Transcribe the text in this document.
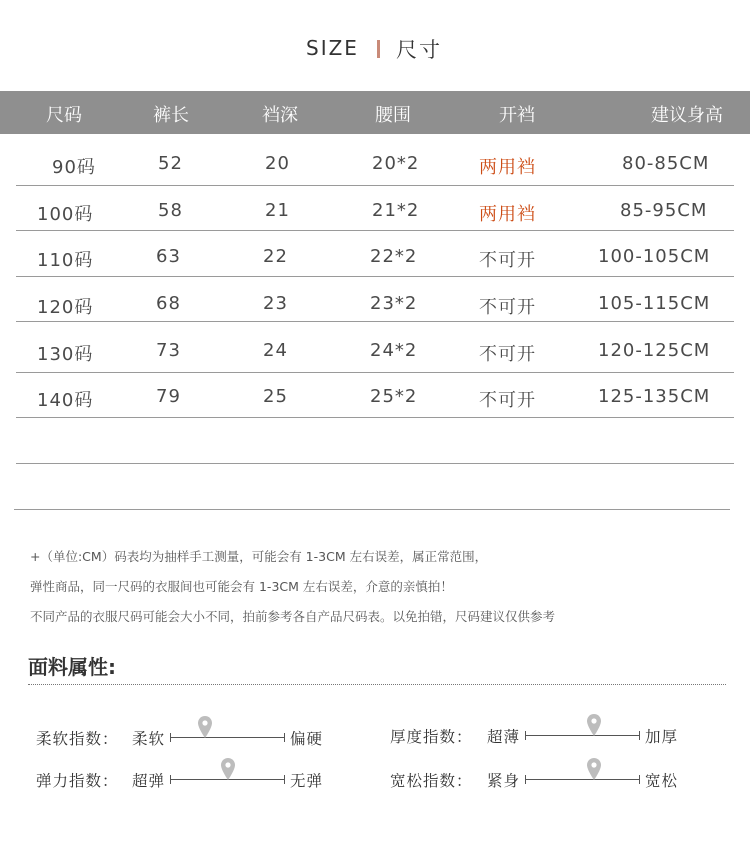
SIZE 尺寸
尺码	裤长	裆深	腰围	开裆	建议身高
90码	52	20	20*2	两用裆	80-85CM
100码	58	21	21*2	两用裆	85-95CM
110码	63	22	22*2	不可开	100-105CM
120码	68	23	23*2	不可开	105-115CM
130码	73	24	24*2	不可开	120-125CM
140码	79	25	25*2	不可开	125-135CM
+（单位:CM）码表均为抽样手工测量，可能会有 1-3CM 左右误差，属正常范围，
弹性商品，同一尺码的衣服间也可能会有 1-3CM 左右误差，介意的亲慎拍！
不同产品的衣服尺码可能会大小不同，拍前参考各自产品尺码表。以免拍错，尺码建议仅供参考
面料属性:
柔软指数： 柔软	偏硬	厚度指数： 超薄	加厚
弹力指数： 超弹	无弹	宽松指数： 紧身	宽松
